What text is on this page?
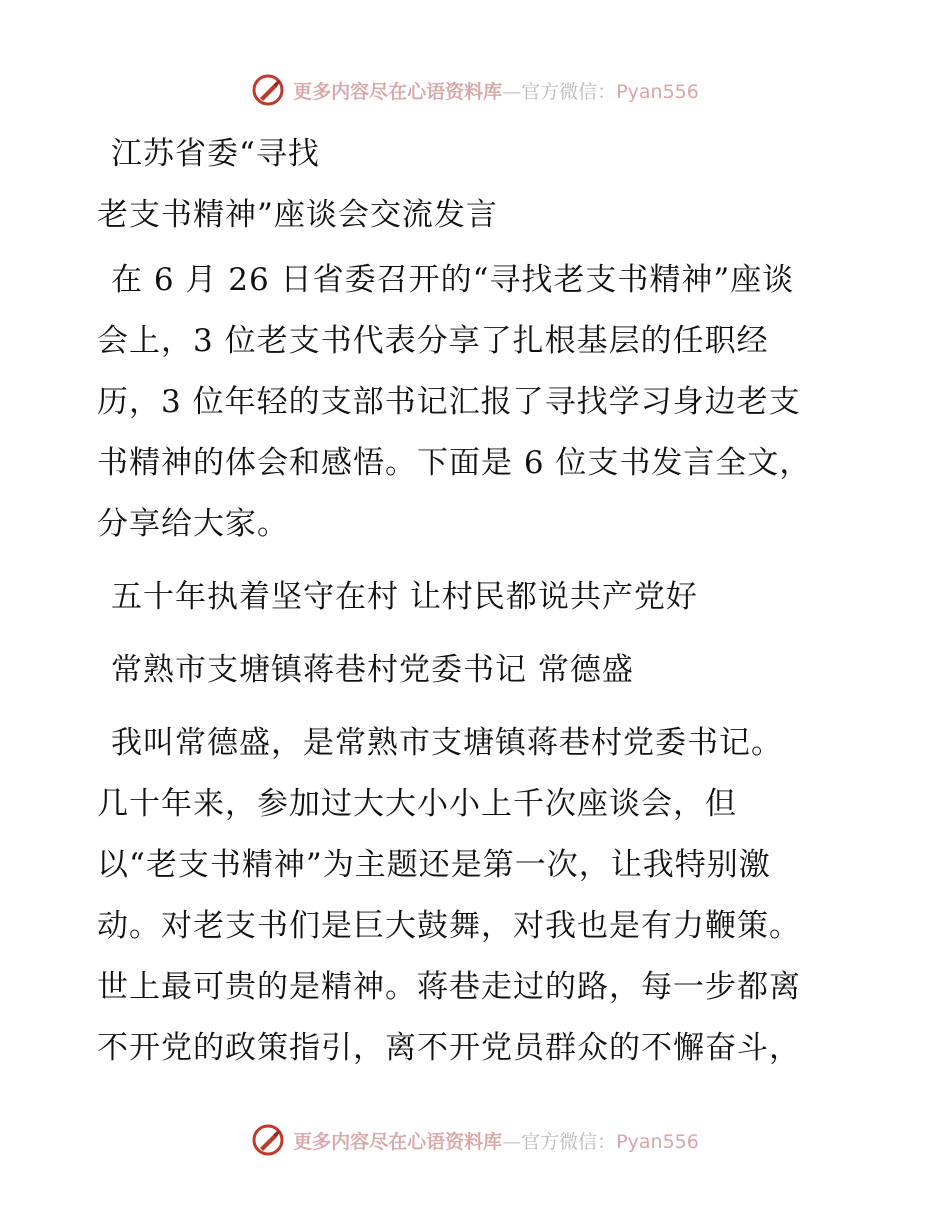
更多内容尽在心语资料库—官方微信：Pyan556
江苏省委“寻找
老支书精神”座谈会交流发言
在 6 月 26 日省委召开的“寻找老支书精神”座谈
会上，3 位老支书代表分享了扎根基层的任职经
历，3 位年轻的支部书记汇报了寻找学习身边老支
书精神的体会和感悟。下面是 6 位支书发言全文，
分享给大家。
五十年执着坚守在村 让村民都说共产党好
常熟市支塘镇蒋巷村党委书记 常德盛
我叫常德盛，是常熟市支塘镇蒋巷村党委书记。
几十年来，参加过大大小小上千次座谈会，但
以“老支书精神”为主题还是第一次，让我特别激
动。对老支书们是巨大鼓舞，对我也是有力鞭策。
世上最可贵的是精神。蒋巷走过的路，每一步都离
不开党的政策指引，离不开党员群众的不懈奋斗，
更多内容尽在心语资料库—官方微信：Pyan556
